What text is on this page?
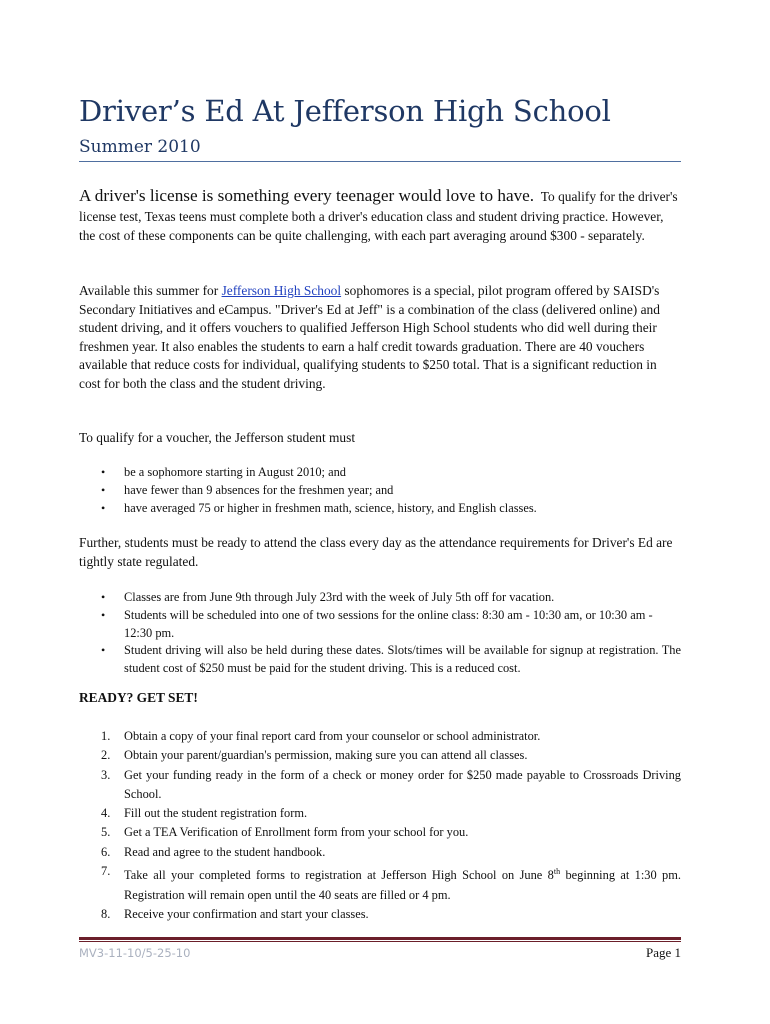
Driver’s Ed At Jefferson High School
Summer 2010

A driver's license is something every teenager would love to have. To qualify for the driver's license test, Texas teens must complete both a driver's education class and student driving practice. However, the cost of these components can be quite challenging, with each part averaging around $300 - separately.

Available this summer for Jefferson High School sophomores is a special, pilot program offered by SAISD's Secondary Initiatives and eCampus. "Driver's Ed at Jeff" is a combination of the class (delivered online) and student driving, and it offers vouchers to qualified Jefferson High School students who did well during their freshmen year. It also enables the students to earn a half credit towards graduation. There are 40 vouchers available that reduce costs for individual, qualifying students to $250 total. That is a significant reduction in cost for both the class and the student driving.

To qualify for a voucher, the Jefferson student must

• be a sophomore starting in August 2010; and
• have fewer than 9 absences for the freshmen year; and
• have averaged 75 or higher in freshmen math, science, history, and English classes.

Further, students must be ready to attend the class every day as the attendance requirements for Driver's Ed are tightly state regulated.

• Classes are from June 9th through July 23rd with the week of July 5th off for vacation.
• Students will be scheduled into one of two sessions for the online class: 8:30 am - 10:30 am, or 10:30 am - 12:30 pm.
• Student driving will also be held during these dates. Slots/times will be available for signup at registration. The student cost of $250 must be paid for the student driving. This is a reduced cost.
READY? GET SET!
1. Obtain a copy of your final report card from your counselor or school administrator.
2. Obtain your parent/guardian's permission, making sure you can attend all classes.
3. Get your funding ready in the form of a check or money order for $250 made payable to Crossroads Driving School.
4. Fill out the student registration form.
5. Get a TEA Verification of Enrollment form from your school for you.
6. Read and agree to the student handbook.
7. Take all your completed forms to registration at Jefferson High School on June 8th beginning at 1:30 pm. Registration will remain open until the 40 seats are filled or 4 pm.
8. Receive your confirmation and start your classes.
MV3-11-10/5-25-10	Page 1
